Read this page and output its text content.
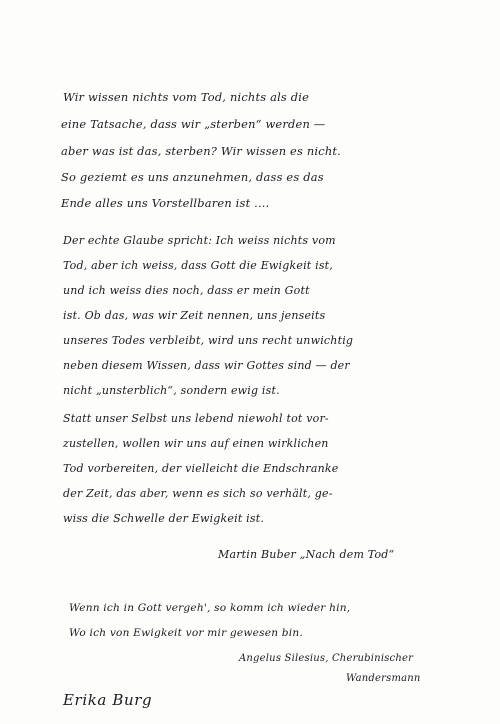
Wir wissen nichts vom Tod, nichts als die
eine Tatsache, dass wir „sterben“ werden —
aber was ist das, sterben? Wir wissen es nicht.
So geziemt es uns anzunehmen, dass es das
Ende alles uns Vorstellbaren ist ....
Der echte Glaube spricht: Ich weiss nichts vom
Tod, aber ich weiss, dass Gott die Ewigkeit ist,
und ich weiss dies noch, dass er mein Gott
ist. Ob das, was wir Zeit nennen, uns jenseits
unseres Todes verbleibt, wird uns recht unwichtig
neben diesem Wissen, dass wir Gottes sind — der
nicht „unsterblich“, sondern ewig ist.
Statt unser Selbst uns lebend niewohl tot vor-
zustellen, wollen wir uns auf einen wirklichen
Tod vorbereiten, der vielleicht die Endschranke
der Zeit, das aber, wenn es sich so verhält, ge-
wiss die Schwelle der Ewigkeit ist.
Martin Buber „Nach dem Tod“
Wenn ich in Gott vergeh', so komm ich wieder hin,
Wo ich von Ewigkeit vor mir gewesen bin.
Angelus Silesius, Cherubinischer
Wandersmann
Erika Burg
